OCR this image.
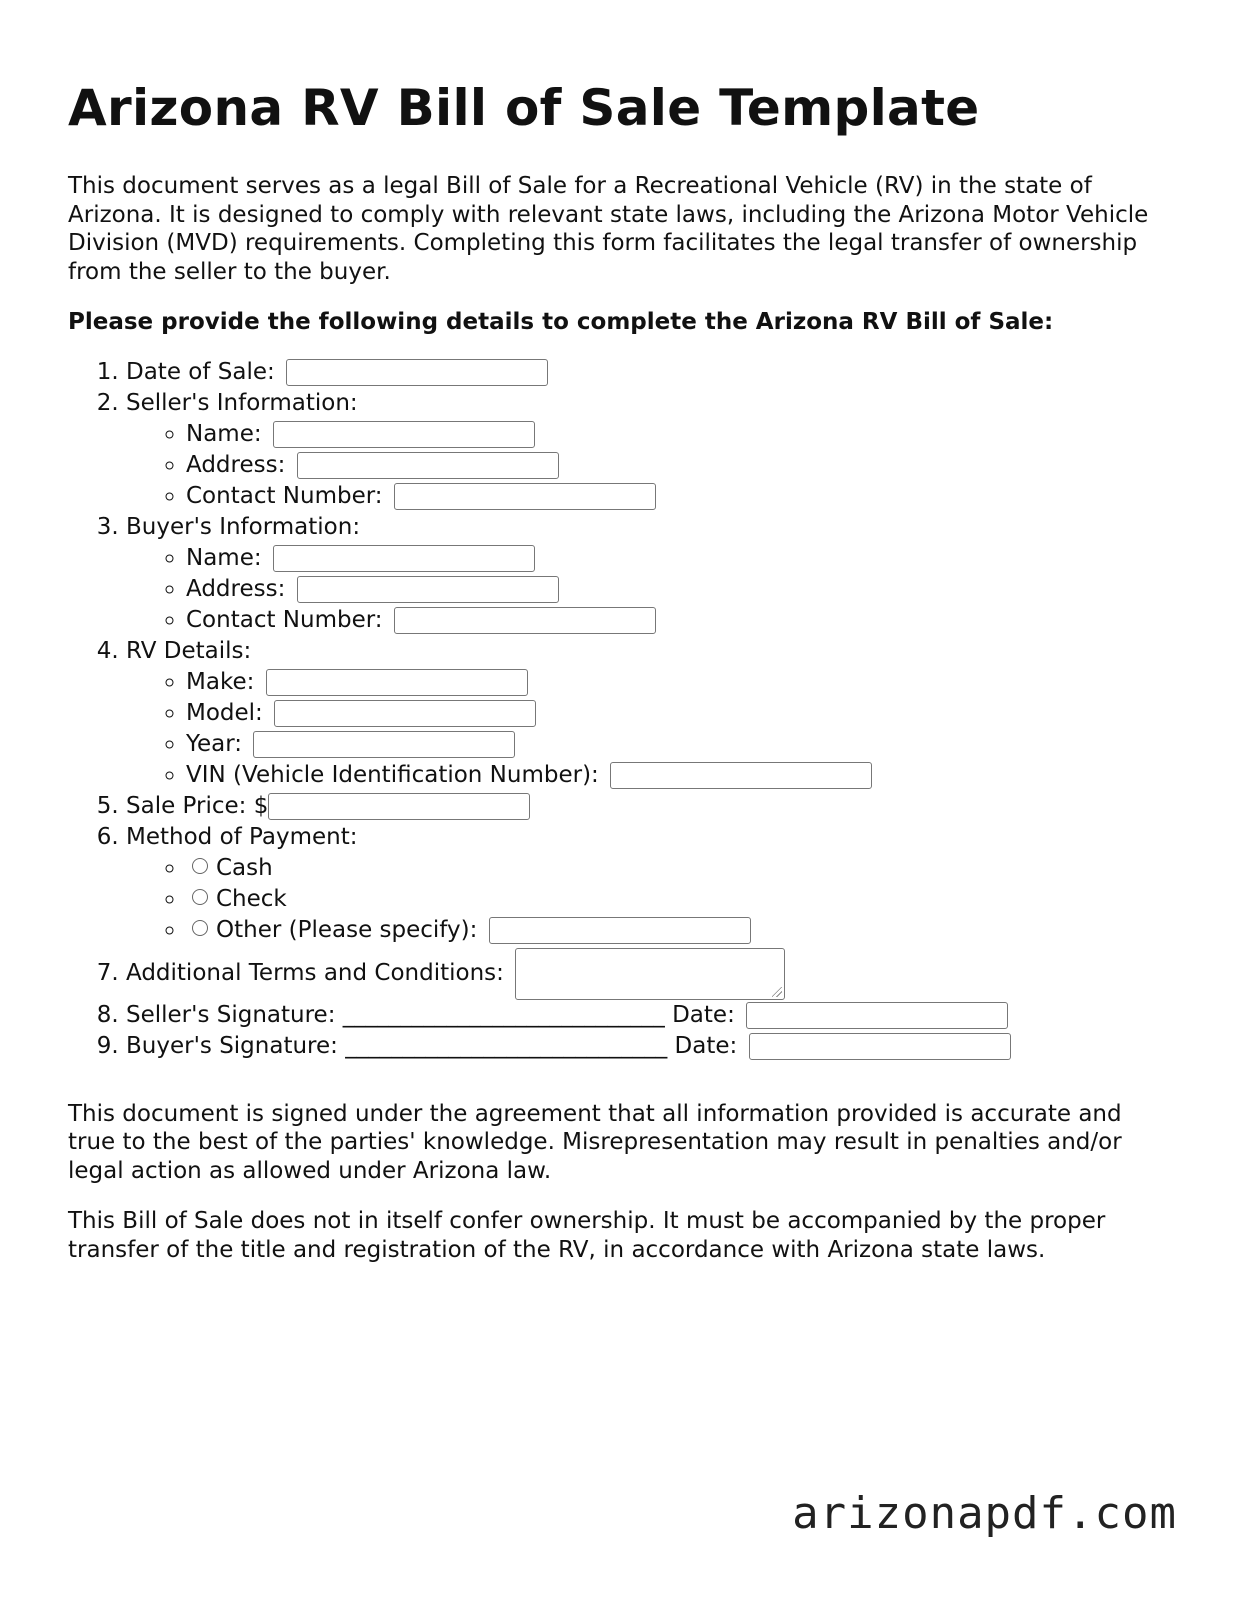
Arizona RV Bill of Sale Template

This document serves as a legal Bill of Sale for a Recreational Vehicle (RV) in the state of Arizona. It is designed to comply with relevant state laws, including the Arizona Motor Vehicle Division (MVD) requirements. Completing this form facilitates the legal transfer of ownership from the seller to the buyer.

Please provide the following details to complete the Arizona RV Bill of Sale:

1. Date of Sale:
2. Seller's Information:
◦ Name:
◦ Address:
◦ Contact Number:
3. Buyer's Information:
◦ Name:
◦ Address:
◦ Contact Number:
4. RV Details:
◦ Make:
◦ Model:
◦ Year:
◦ VIN (Vehicle Identification Number):
5. Sale Price: $
6. Method of Payment:
◦ Cash
◦ Check
◦ Other (Please specify):
7. Additional Terms and Conditions:
8. Seller's Signature: ____________________________ Date:
9. Buyer's Signature: ____________________________ Date:

This document is signed under the agreement that all information provided is accurate and true to the best of the parties' knowledge. Misrepresentation may result in penalties and/or legal action as allowed under Arizona law.

This Bill of Sale does not in itself confer ownership. It must be accompanied by the proper transfer of the title and registration of the RV, in accordance with Arizona state laws.

arizonapdf.com
